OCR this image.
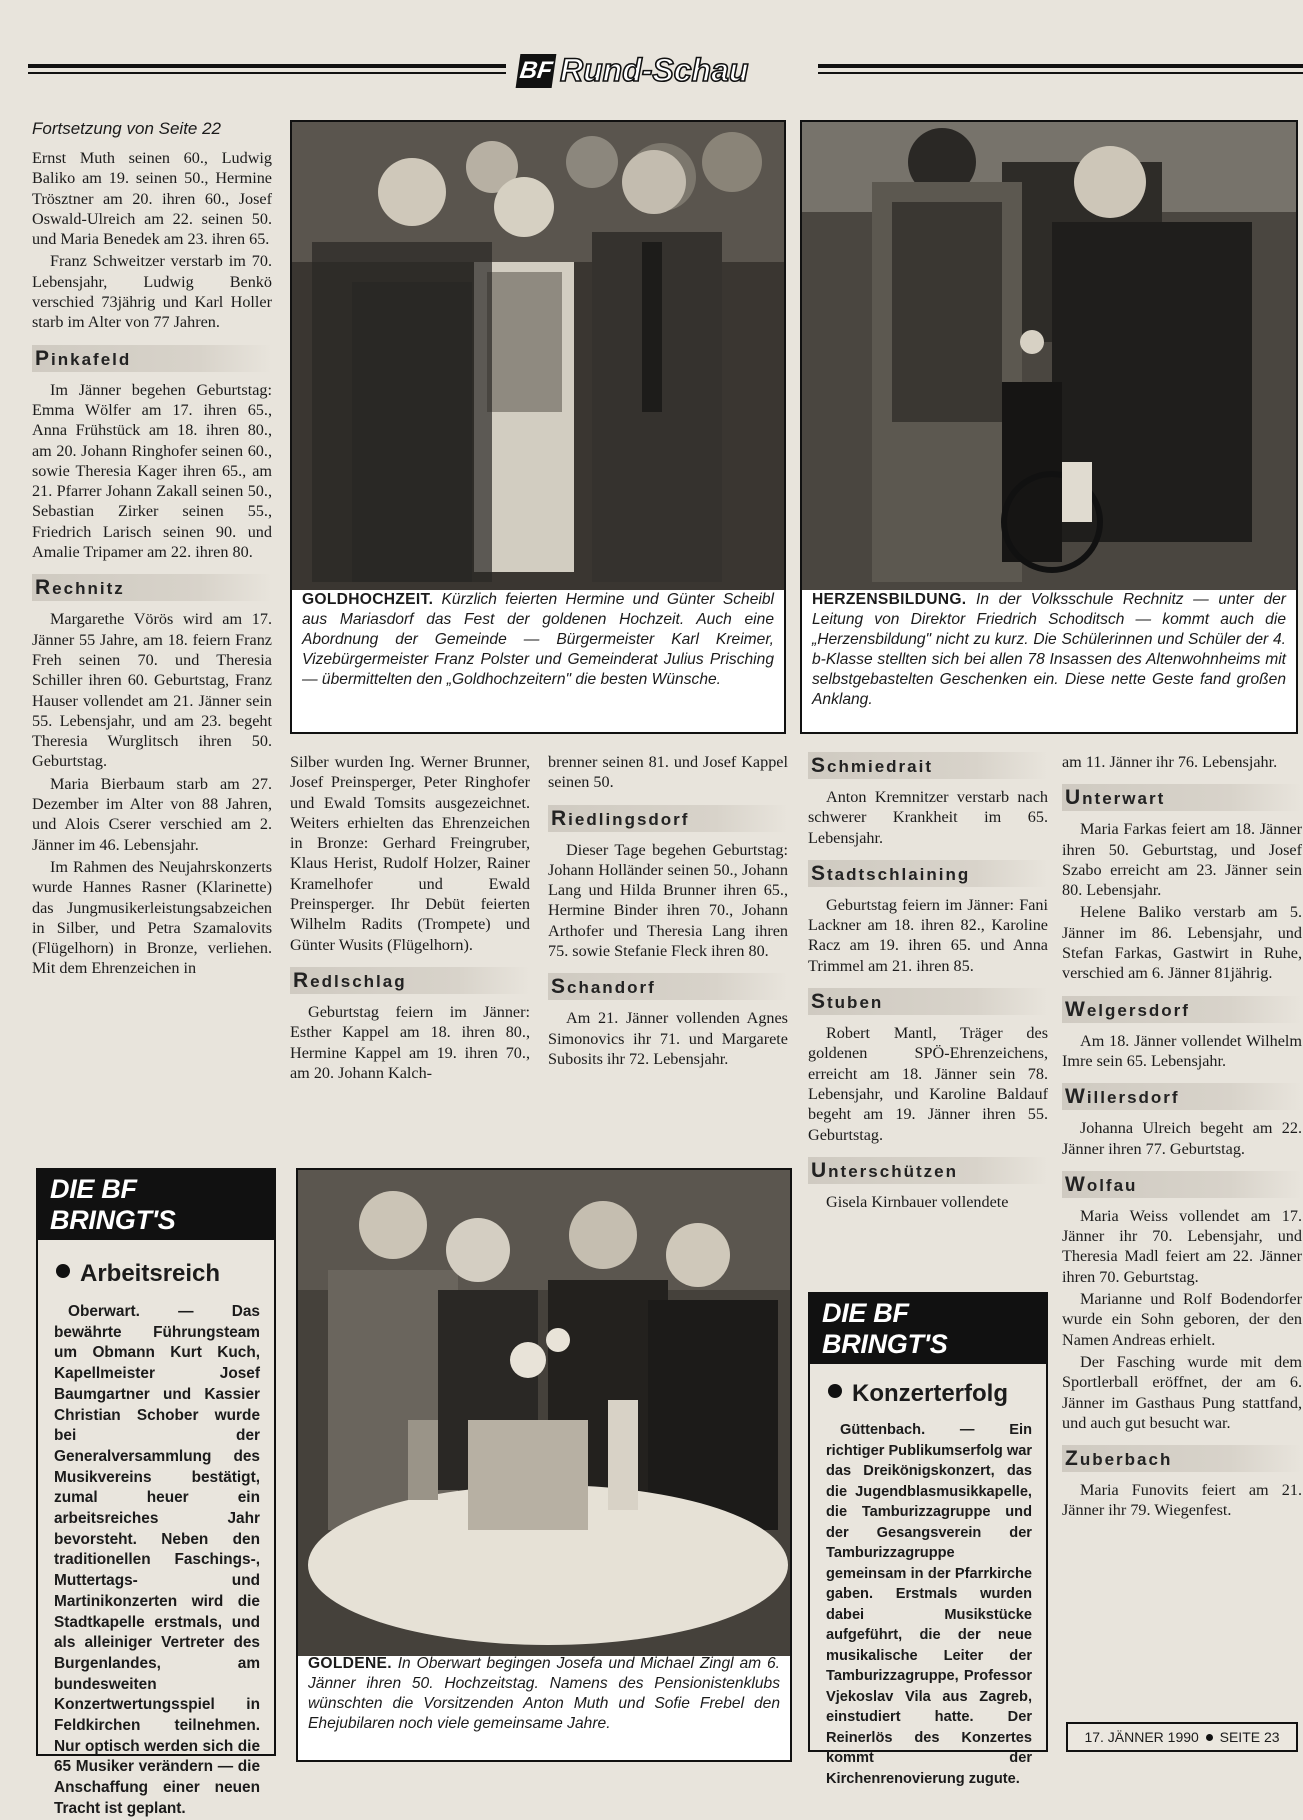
BF Rund-Schau

Fortsetzung von Seite 22

Ernst Muth seinen 60., Ludwig Baliko am 19. seinen 50., Hermine Trösztner am 20. ihren 60., Josef Oswald-Ulreich am 22. seinen 50. und Maria Benedek am 23. ihren 65.

Franz Schweitzer verstarb im 70. Lebensjahr, Ludwig Benkö verschied 73jährig und Karl Holler starb im Alter von 77 Jahren.

Pinkafeld

Im Jänner begehen Geburtstag: Emma Wölfer am 17. ihren 65., Anna Frühstück am 18. ihren 80., am 20. Johann Ringhofer seinen 60., sowie Theresia Kager ihren 65., am 21. Pfarrer Johann Zakall seinen 50., Sebastian Zirker seinen 55., Friedrich Larisch seinen 90. und Amalie Tripamer am 22. ihren 80.

Rechnitz

Margarethe Vörös wird am 17. Jänner 55 Jahre, am 18. feiern Franz Freh seinen 70. und Theresia Schiller ihren 60. Geburtstag, Franz Hauser vollendet am 21. Jänner sein 55. Lebensjahr, und am 23. begeht Theresia Wurglitsch ihren 50. Geburtstag.

Maria Bierbaum starb am 27. Dezember im Alter von 88 Jahren, und Alois Cserer verschied am 2. Jänner im 46. Lebensjahr.

Im Rahmen des Neujahrskonzerts wurde Hannes Rasner (Klarinette) das Jungmusikerleistungsabzeichen in Silber, und Petra Szamalovits (Flügelhorn) in Bronze, verliehen. Mit dem Ehrenzeichen in

GOLDHOCHZEIT. Kürzlich feierten Hermine und Günter Scheibl aus Mariasdorf das Fest der goldenen Hochzeit. Auch eine Abordnung der Gemeinde — Bürgermeister Karl Kreimer, Vizebürgermeister Franz Polster und Gemeinderat Julius Prisching — übermittelten den „Goldhochzeitern" die besten Wünsche.
HERZENSBILDUNG. In der Volksschule Rechnitz — unter der Leitung von Direktor Friedrich Schoditsch — kommt auch die „Herzensbildung" nicht zu kurz. Die Schülerinnen und Schüler der 4. b-Klasse stellten sich bei allen 78 Insassen des Altenwohnheims mit selbstgebastelten Geschenken ein. Diese nette Geste fand großen Anklang.

Silber wurden Ing. Werner Brunner, Josef Preinsperger, Peter Ringhofer und Ewald Tomsits ausgezeichnet. Weiters erhielten das Ehrenzeichen in Bronze: Gerhard Freingruber, Klaus Herist, Rudolf Holzer, Rainer Kramelhofer und Ewald Preinsperger. Ihr Debüt feierten Wilhelm Radits (Trompete) und Günter Wusits (Flügelhorn).

Redlschlag

Geburtstag feiern im Jänner: Esther Kappel am 18. ihren 80., Hermine Kappel am 19. ihren 70., am 20. Johann Kalch-

brenner seinen 81. und Josef Kappel seinen 50.

Riedlingsdorf

Dieser Tage begehen Geburtstag: Johann Holländer seinen 50., Johann Lang und Hilda Brunner ihren 65., Hermine Binder ihren 70., Johann Arthofer und Theresia Lang ihren 75. sowie Stefanie Fleck ihren 80.

Schandorf

Am 21. Jänner vollenden Agnes Simonovics ihr 71. und Margarete Subosits ihr 72. Lebensjahr.

Schmiedrait

Anton Kremnitzer verstarb nach schwerer Krankheit im 65. Lebensjahr.

Stadtschlaining

Geburtstag feiern im Jänner: Fani Lackner am 18. ihren 82., Karoline Racz am 19. ihren 65. und Anna Trimmel am 21. ihren 85.

Stuben

Robert Mantl, Träger des goldenen SPÖ-Ehrenzeichens, erreicht am 18. Jänner sein 78. Lebensjahr, und Karoline Baldauf begeht am 19. Jänner ihren 55. Geburtstag.

Unterschützen

Gisela Kirnbauer vollendete

am 11. Jänner ihr 76. Lebensjahr.

Unterwart

Maria Farkas feiert am 18. Jänner ihren 50. Geburtstag, und Josef Szabo erreicht am 23. Jänner sein 80. Lebensjahr.

Helene Baliko verstarb am 5. Jänner im 86. Lebensjahr, und Stefan Farkas, Gastwirt in Ruhe, verschied am 6. Jänner 81jährig.

Welgersdorf

Am 18. Jänner vollendet Wilhelm Imre sein 65. Lebensjahr.

Willersdorf

Johanna Ulreich begeht am 22. Jänner ihren 77. Geburtstag.

Wolfau

Maria Weiss vollendet am 17. Jänner ihr 70. Lebensjahr, und Theresia Madl feiert am 22. Jänner ihren 70. Geburtstag.

Marianne und Rolf Bodendorfer wurde ein Sohn geboren, der den Namen Andreas erhielt.

Der Fasching wurde mit dem Sportlerball eröffnet, der am 6. Jänner im Gasthaus Pung stattfand, und auch gut besucht war.

Zuberbach

Maria Funovits feiert am 21. Jänner ihr 79. Wiegenfest.

DIE BF BRINGT'S
Arbeitsreich

Oberwart. — Das bewährte Führungsteam um Obmann Kurt Kuch, Kapellmeister Josef Baumgartner und Kassier Christian Schober wurde bei der Generalversammlung des Musikvereins bestätigt, zumal heuer ein arbeitsreiches Jahr bevorsteht. Neben den traditionellen Faschings-, Muttertags- und Martinikonzerten wird die Stadtkapelle erstmals, und als alleiniger Vertreter des Burgenlandes, am bundesweiten Konzertwertungsspiel in Feldkirchen teilnehmen. Nur optisch werden sich die 65 Musiker verändern — die Anschaffung einer neuen Tracht ist geplant.

GOLDENE. In Oberwart begingen Josefa und Michael Zingl am 6. Jänner ihren 50. Hochzeitstag. Namens des Pensionistenklubs wünschten die Vorsitzenden Anton Muth und Sofie Frebel den Ehejubilaren noch viele gemeinsame Jahre.
DIE BF BRINGT'S
Konzerterfolg

Güttenbach. — Ein richtiger Publikumserfolg war das Dreikönigskonzert, das die Jugendblasmusikkapelle, die Tamburizzagruppe und der Gesangsverein der Tamburizzagruppe gemeinsam in der Pfarrkirche gaben. Erstmals wurden dabei Musikstücke aufgeführt, die der neue musikalische Leiter der Tamburizzagruppe, Professor Vjekoslav Vila aus Zagreb, einstudiert hatte. Der Reinerlös des Konzertes kommt der Kirchenrenovierung zugute.

17. JÄNNER 1990 SEITE 23
